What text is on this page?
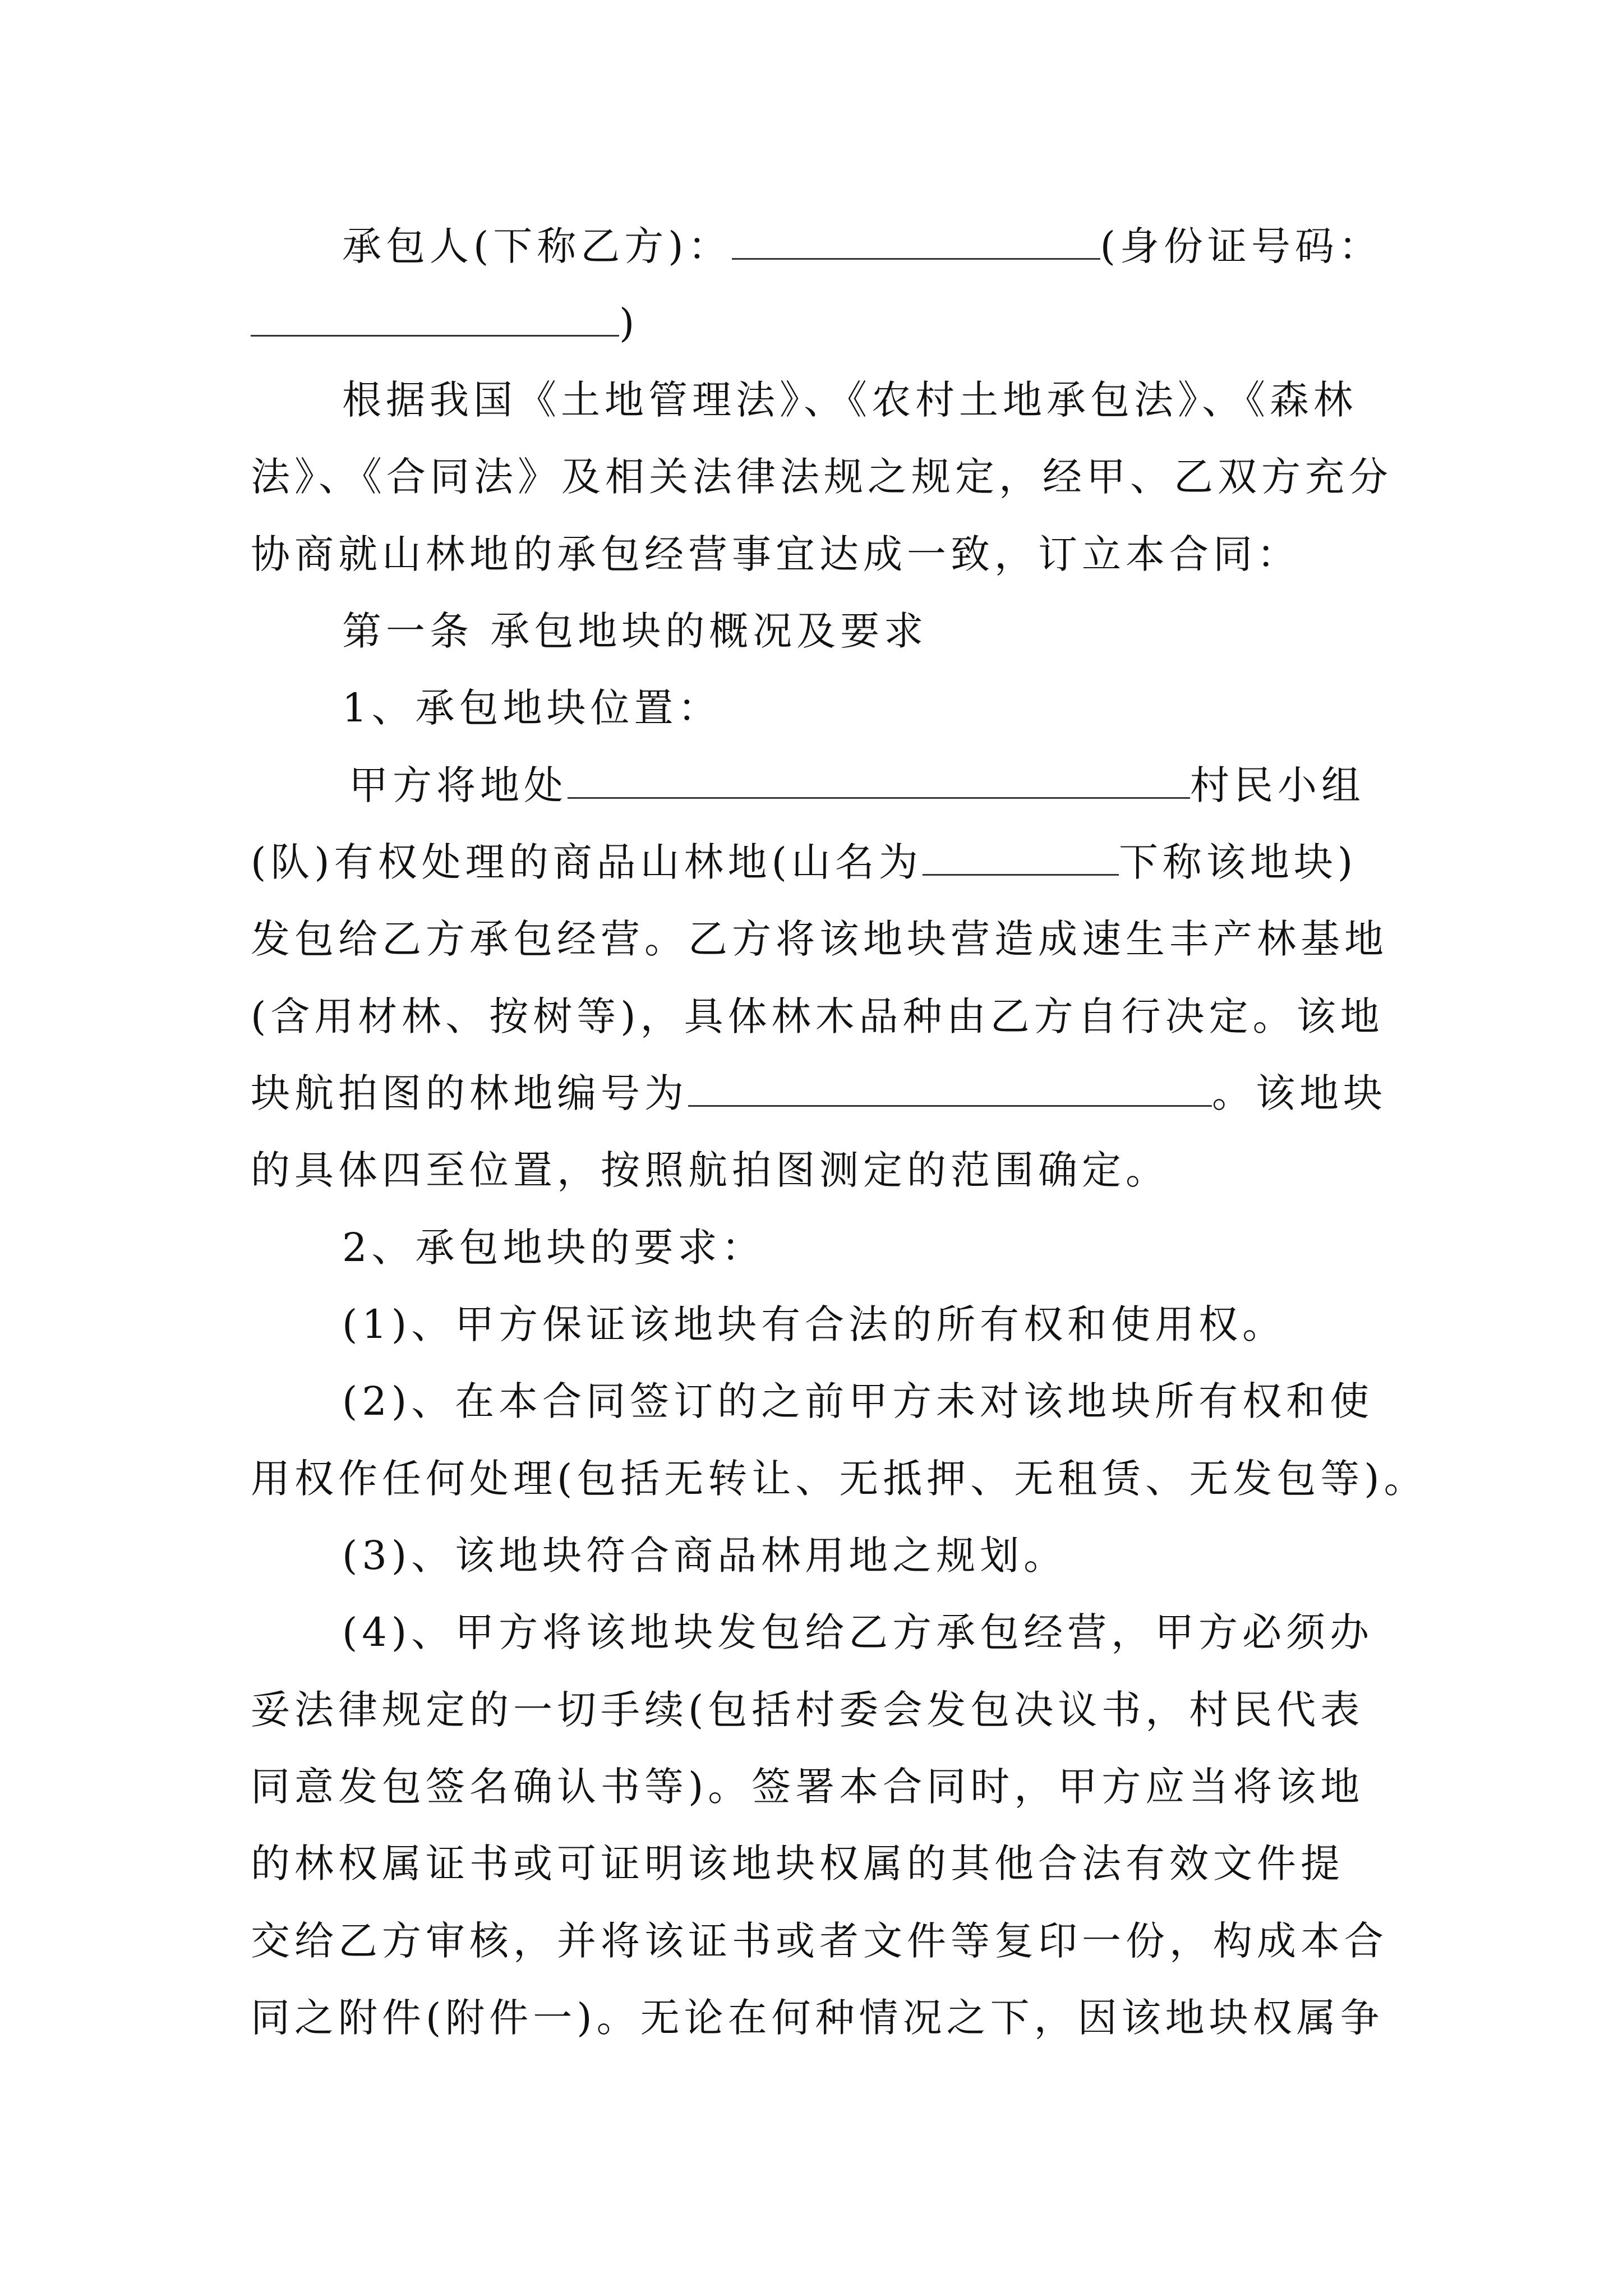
承包人(下称乙方)：	(身份证号码：
)
根据我国《土地管理法》、《农村土地承包法》、《森林
法》、《合同法》及相关法律法规之规定，经甲、乙双方充分
协商就山林地的承包经营事宜达成一致，订立本合同：
第一条 承包地块的概况及要求
1、承包地块位置：
甲方将地处	村民小组
(队)有权处理的商品山林地(山名为	下称该地块)
发包给乙方承包经营。乙方将该地块营造成速生丰产林基地
(含用材林、按树等)，具体林木品种由乙方自行决定。该地
块航拍图的林地编号为	。该地块
的具体四至位置，按照航拍图测定的范围确定。
2、承包地块的要求：
(1)、甲方保证该地块有合法的所有权和使用权。
(2)、在本合同签订的之前甲方未对该地块所有权和使
用权作任何处理(包括无转让、无抵押、无租赁、无发包等)。
(3)、该地块符合商品林用地之规划。
(4)、甲方将该地块发包给乙方承包经营，甲方必须办
妥法律规定的一切手续(包括村委会发包决议书，村民代表
同意发包签名确认书等)。签署本合同时，甲方应当将该地
的林权属证书或可证明该地块权属的其他合法有效文件提
交给乙方审核，并将该证书或者文件等复印一份，构成本合
同之附件(附件一)。无论在何种情况之下，因该地块权属争
